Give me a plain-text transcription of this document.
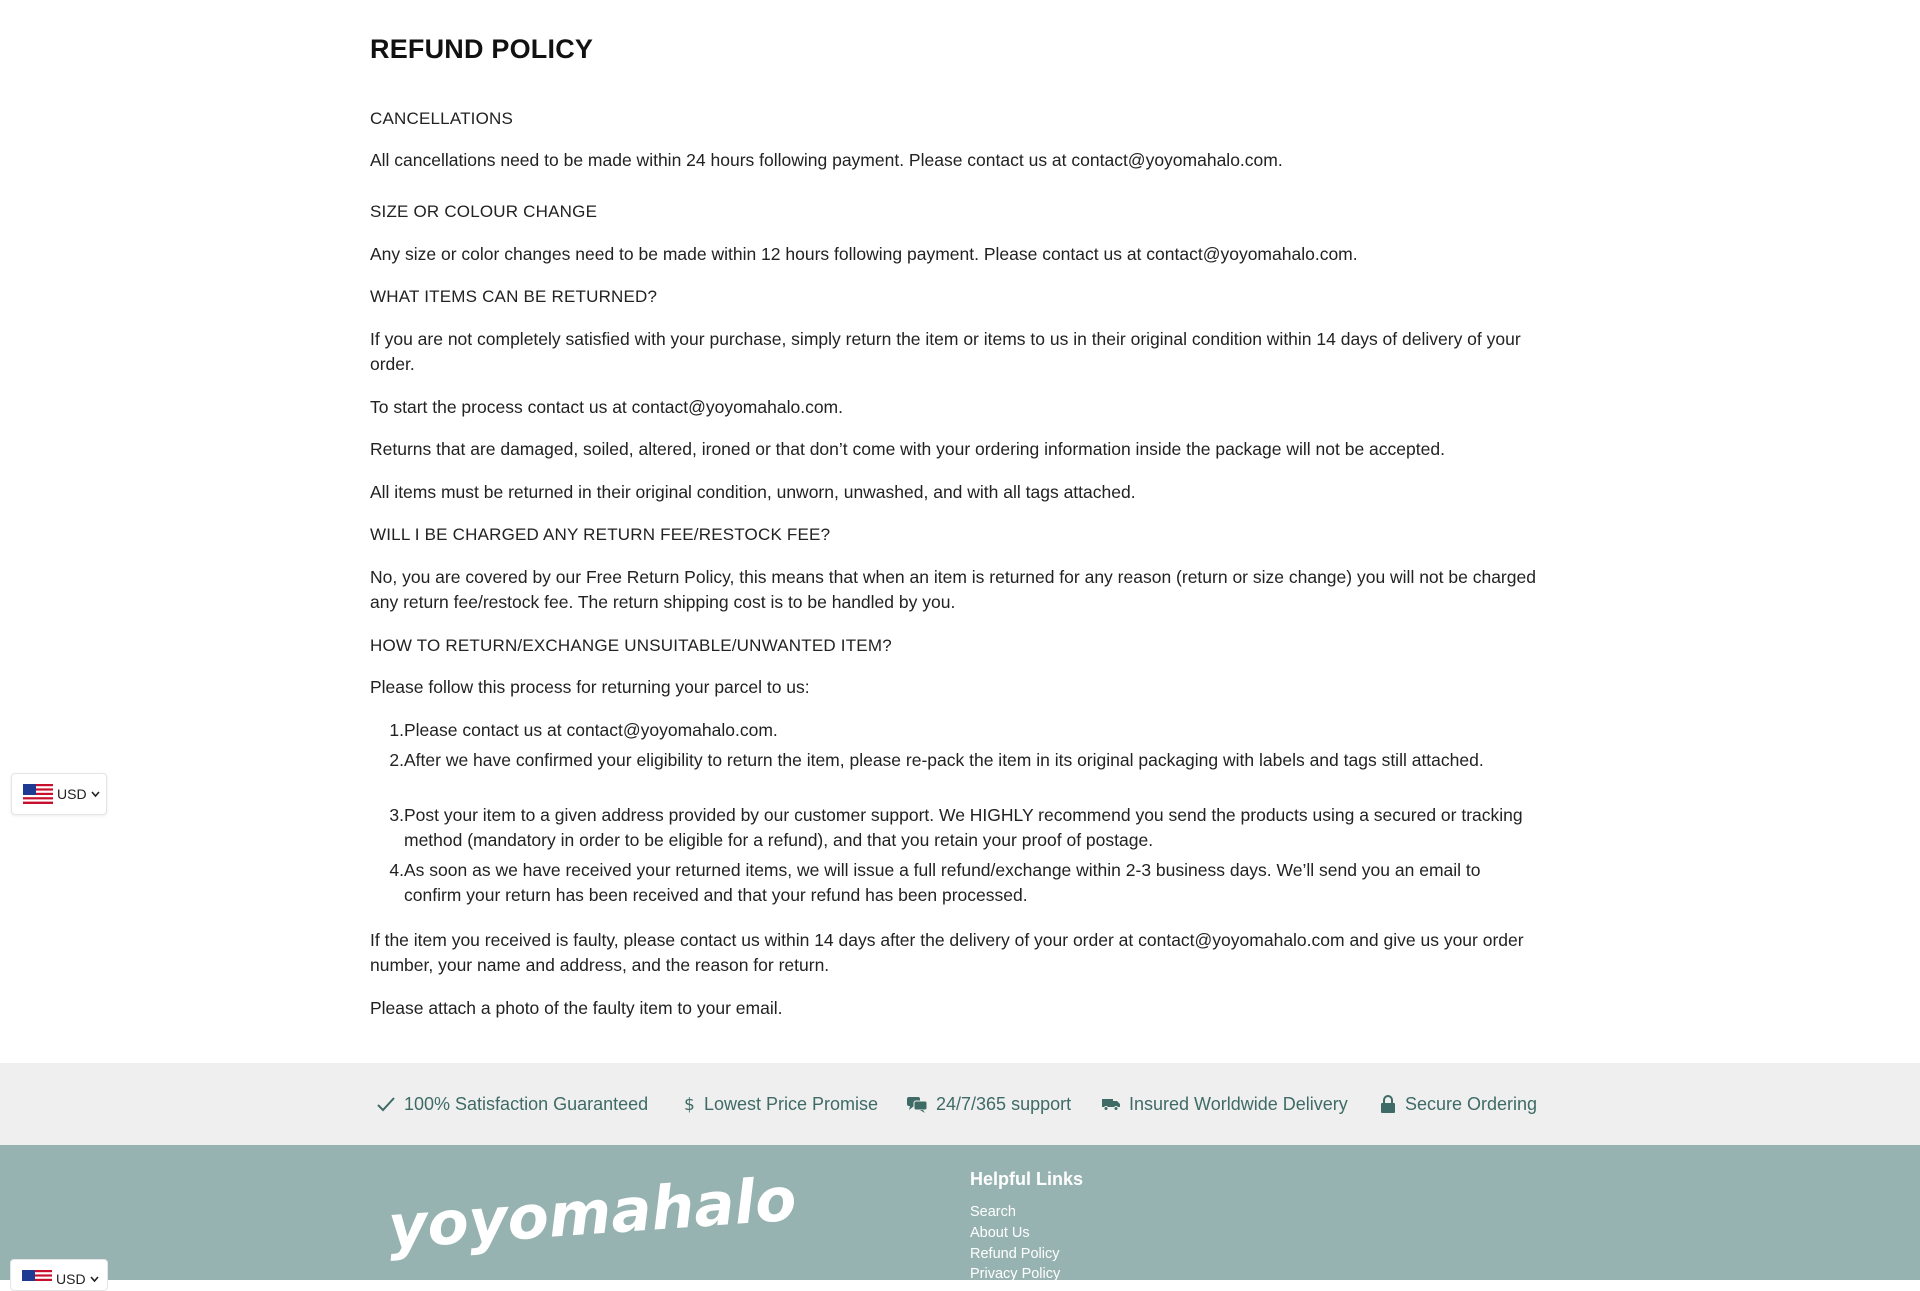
REFUND POLICY

CANCELLATIONS

All cancellations need to be made within 24 hours following payment. Please contact us at contact@yoyomahalo.com.

SIZE OR COLOUR CHANGE

Any size or color changes need to be made within 12 hours following payment. Please contact us at contact@yoyomahalo.com.

WHAT ITEMS CAN BE RETURNED?

If you are not completely satisfied with your purchase, simply return the item or items to us in their original condition within 14 days of delivery of your order.

To start the process contact us at contact@yoyomahalo.com.

Returns that are damaged, soiled, altered, ironed or that don’t come with your ordering information inside the package will not be accepted.

All items must be returned in their original condition, unworn, unwashed, and with all tags attached.

WILL I BE CHARGED ANY RETURN FEE/RESTOCK FEE?

No, you are covered by our Free Return Policy, this means that when an item is returned for any reason (return or size change) you will not be charged any return fee/restock fee. The return shipping cost is to be handled by you.

HOW TO RETURN/EXCHANGE UNSUITABLE/UNWANTED ITEM?

Please follow this process for returning your parcel to us:

1. Please contact us at contact@yoyomahalo.com.
2. After we have confirmed your eligibility to return the item, please re-pack the item in its original packaging with labels and tags still attached.
3. Post your item to a given address provided by our customer support. We HIGHLY recommend you send the products using a secured or tracking method (mandatory in order to be eligible for a refund), and that you retain your proof of postage.
4. As soon as we have received your returned items, we will issue a full refund/exchange within 2-3 business days. We’ll send you an email to confirm your return has been received and that your refund has been processed.

If the item you received is faulty, please contact us within 14 days after the delivery of your order at contact@yoyomahalo.com and give us your order number, your name and address, and the reason for return.

Please attach a photo of the faulty item to your email.

100% Satisfaction Guaranteed $ Lowest Price Promise	24/7/365 support	Insured Worldwide Delivery	Secure Ordering
yoyomahalo	Helpful Links
Search
About Us
Refund Policy
Privacy Policy
USD
USD
